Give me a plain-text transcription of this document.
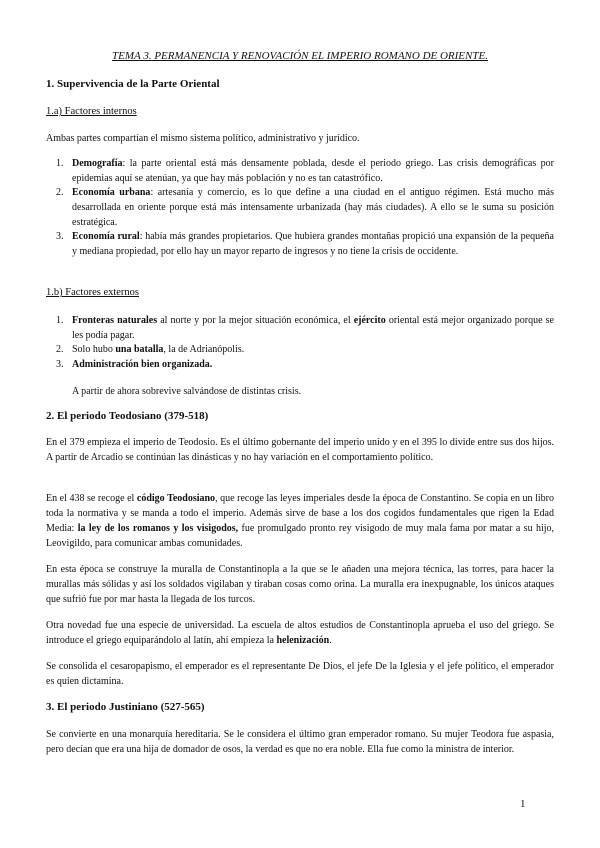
TEMA 3. PERMANENCIA Y RENOVACIÓN EL IMPERIO ROMANO DE ORIENTE.
1. Supervivencia de la Parte Oriental
1.a) Factores internos

Ambas partes compartían el mismo sistema político, administrativo y jurídico.

1. Demografía: la parte oriental está más densamente poblada, desde el periodo griego. Las crisis demográficas por epidemias aquí se atenúan, ya que hay más población y no es tan catastrófico.
2. Economía urbana: artesanía y comercio, es lo que define a una ciudad en el antiguo régimen. Está mucho más desarrollada en oriente porque está más intensamente urbanizada (hay más ciudades). A ello se le suma su posición estratégica.
3. Economía rural: había más grandes propietarios. Que hubiera grandes montañas propició una expansión de la pequeña y mediana propiedad, por ello hay un mayor reparto de ingresos y no tiene la crisis de occidente.
1.b) Factores externos
1. Fronteras naturales al norte y por la mejor situación económica, el ejército oriental está mejor organizado porque se les podía pagar.
2. Solo hubo una batalla, la de Adrianópolis.
3. Administración bien organizada.
A partir de ahora sobrevive salvándose de distintas crisis.
2. El periodo Teodosiano (379-518)

En el 379 empieza el imperio de Teodosio. Es el último gobernante del imperio unido y en el 395 lo divide entre sus dos hijos. A partir de Arcadio se continúan las dinásticas y no hay variación en el comportamiento político.

En el 438 se recoge el código Teodosiano, que recoge las leyes imperiales desde la época de Constantino. Se copia en un libro toda la normativa y se manda a todo el imperio. Además sirve de base a los dos cogidos fundamentales que rigen la Edad Media: la ley de los romanos y los visigodos, fue promulgado pronto rey visigodo de muy mala fama por matar a su hijo, Leovigildo, para comunicar ambas comunidades.

En esta época se construye la muralla de Constantinopla a la que se le añaden una mejora técnica, las torres, para hacer la murallas más sólidas y así los soldados vigilaban y tiraban cosas como orina. La muralla era inexpugnable, los únicos ataques que sufrió fue por mar hasta la llegada de los turcos.

Otra novedad fue una especie de universidad. La escuela de altos estudios de Constantinopla aprueba el uso del griego. Se introduce el griego equiparándolo al latín, ahí empieza la helenización.

Se consolida el cesaropapismo, el emperador es el representante De Dios, el jefe De la Iglesia y el jefe político, el emperador es quien dictamina.

3. El periodo Justiniano (527-565)

Se convierte en una monarquía hereditaria. Se le considera el último gran emperador romano. Su mujer Teodora fue aspasia, pero decían que era una hija de domador de osos, la verdad es que no era noble. Ella fue como la ministra de interior.

1
